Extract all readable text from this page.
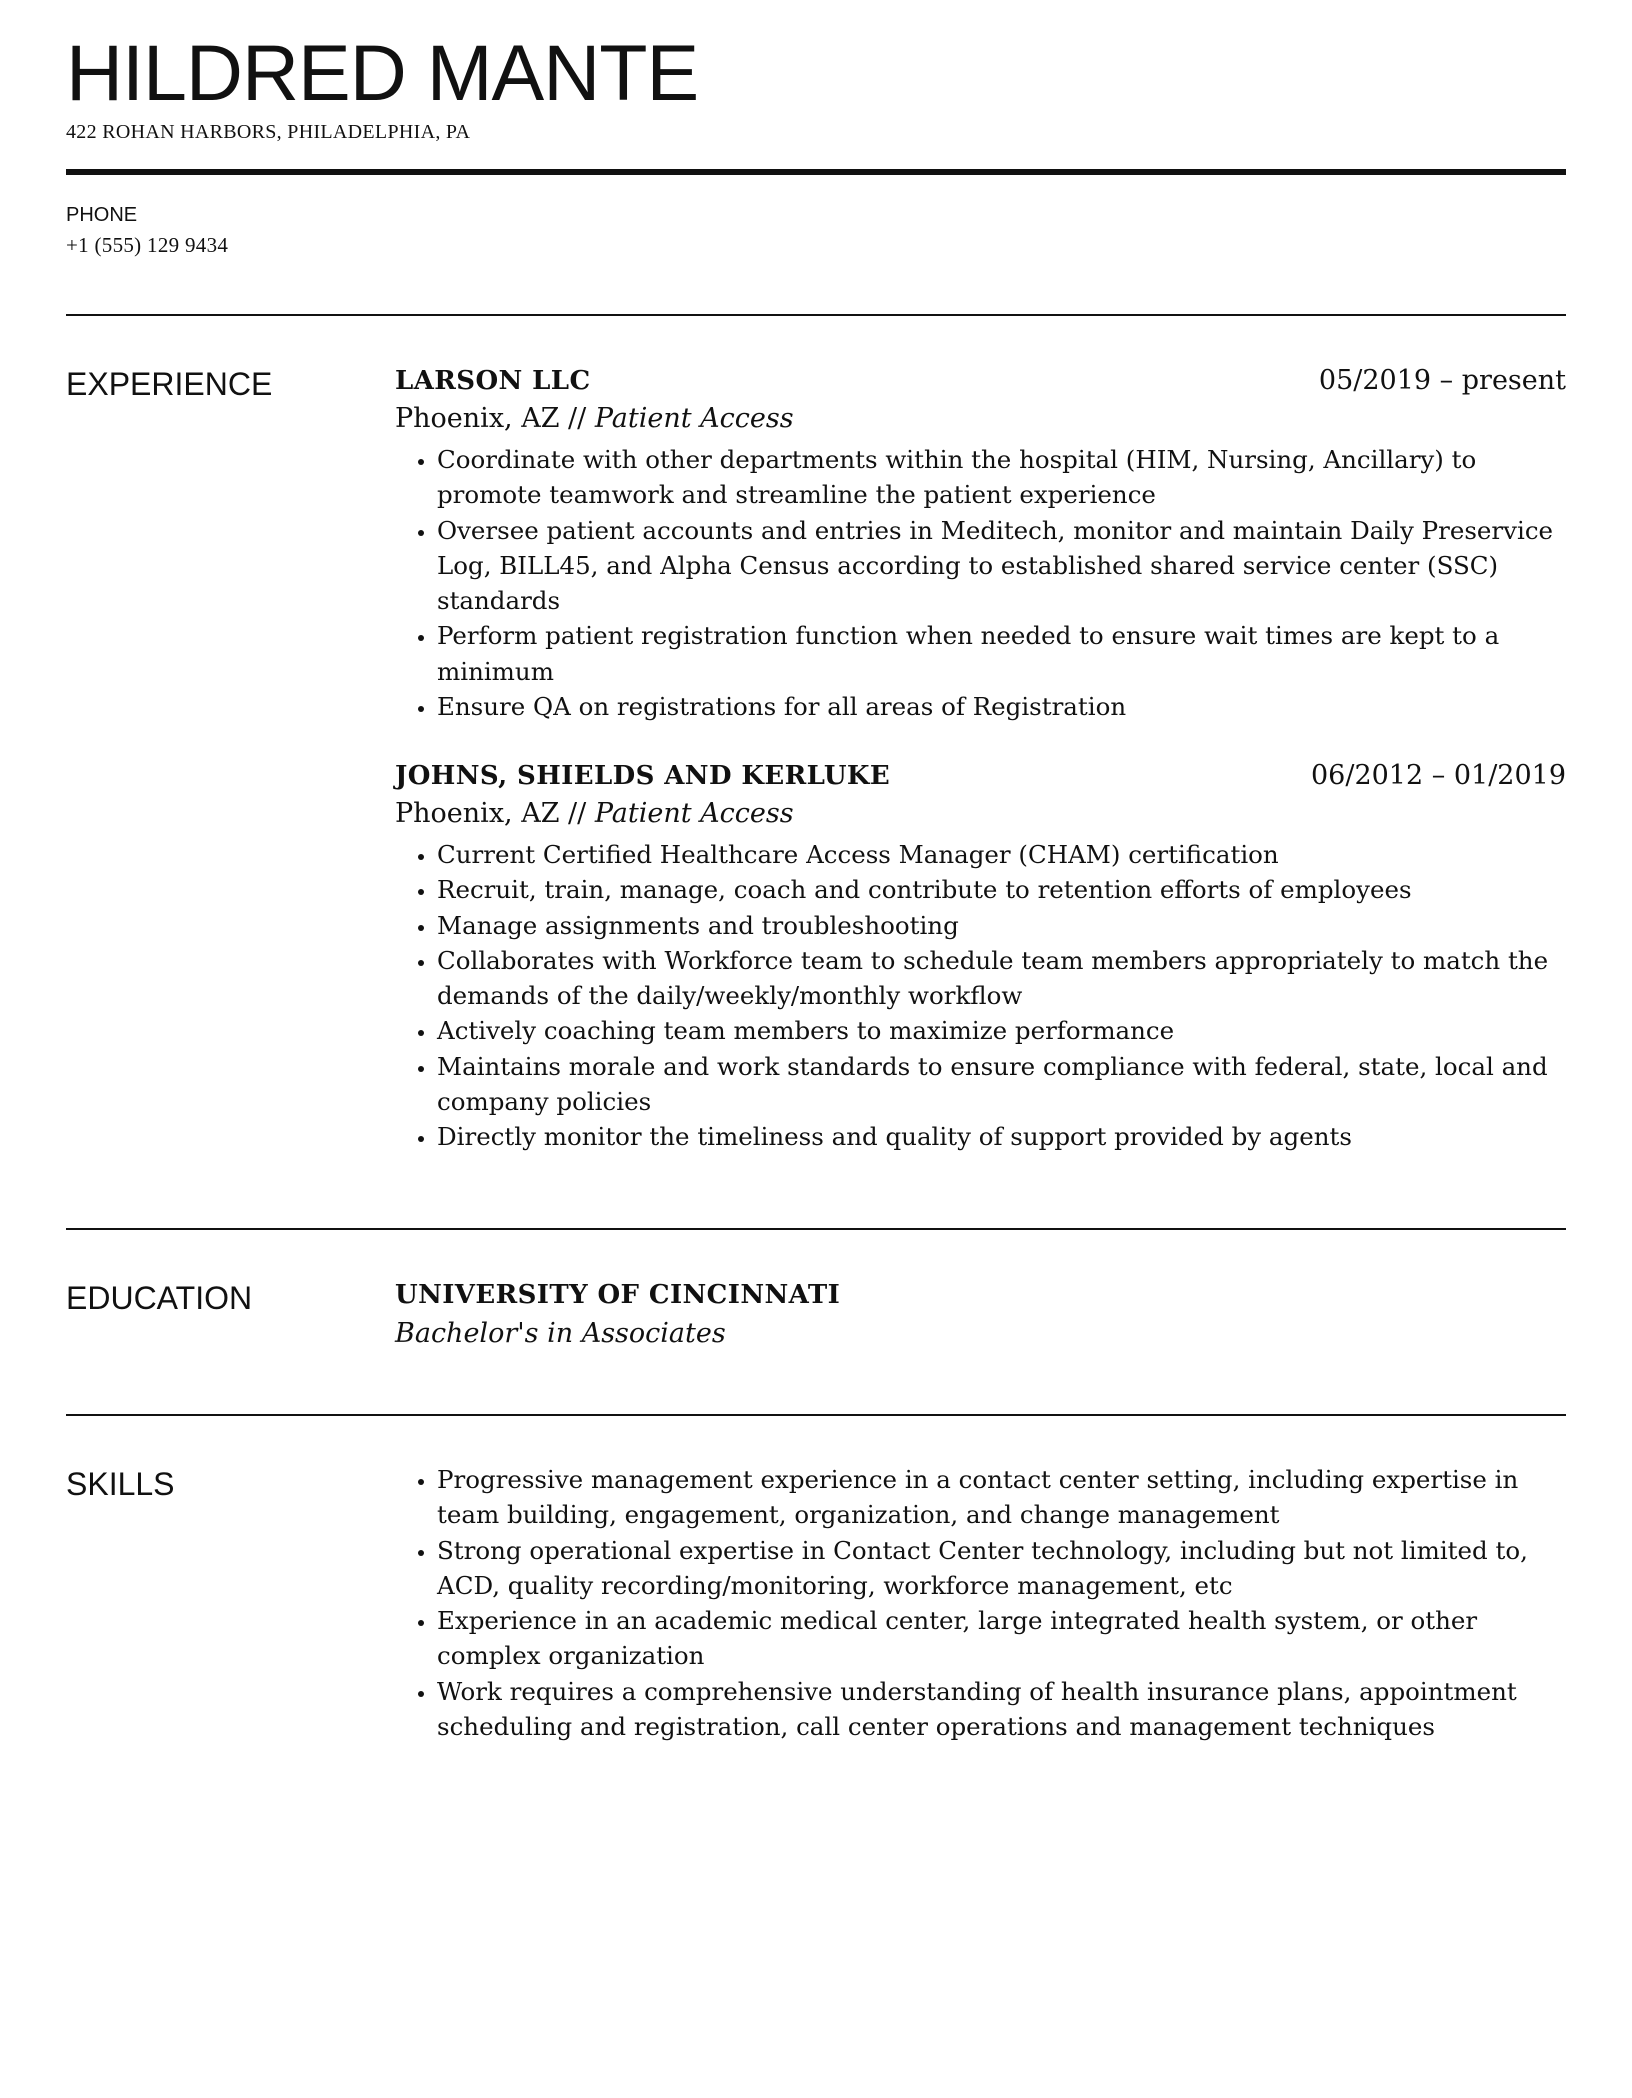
HILDRED MANTE
422 ROHAN HARBORS, PHILADELPHIA, PA
PHONE
+1 (555) 129 9434
EXPERIENCE	LARSON LLC	05/2019 – present
Phoenix, AZ // Patient Access
• Coordinate with other departments within the hospital (HIM, Nursing, Ancillary) to promote teamwork and streamline the patient experience
• Oversee patient accounts and entries in Meditech, monitor and maintain Daily Preservice Log, BILL45, and Alpha Census according to established shared service center (SSC) standards
• Perform patient registration function when needed to ensure wait times are kept to a minimum
• Ensure QA on registrations for all areas of Registration
JOHNS, SHIELDS AND KERLUKE	06/2012 – 01/2019
Phoenix, AZ // Patient Access
• Current Certified Healthcare Access Manager (CHAM) certification
• Recruit, train, manage, coach and contribute to retention efforts of employees
• Manage assignments and troubleshooting
• Collaborates with Workforce team to schedule team members appropriately to match the demands of the daily/weekly/monthly workflow
• Actively coaching team members to maximize performance
• Maintains morale and work standards to ensure compliance with federal, state, local and company policies
• Directly monitor the timeliness and quality of support provided by agents
EDUCATION	UNIVERSITY OF CINCINNATI
Bachelor's in Associates
SKILLS
•	Progressive management experience in a contact center setting, including expertise in team building, engagement, organization, and change management
• Strong operational expertise in Contact Center technology, including but not limited to, ACD, quality recording/monitoring, workforce management, etc
• Experience in an academic medical center, large integrated health system, or other complex organization
• Work requires a comprehensive understanding of health insurance plans, appointment scheduling and registration, call center operations and management techniques
